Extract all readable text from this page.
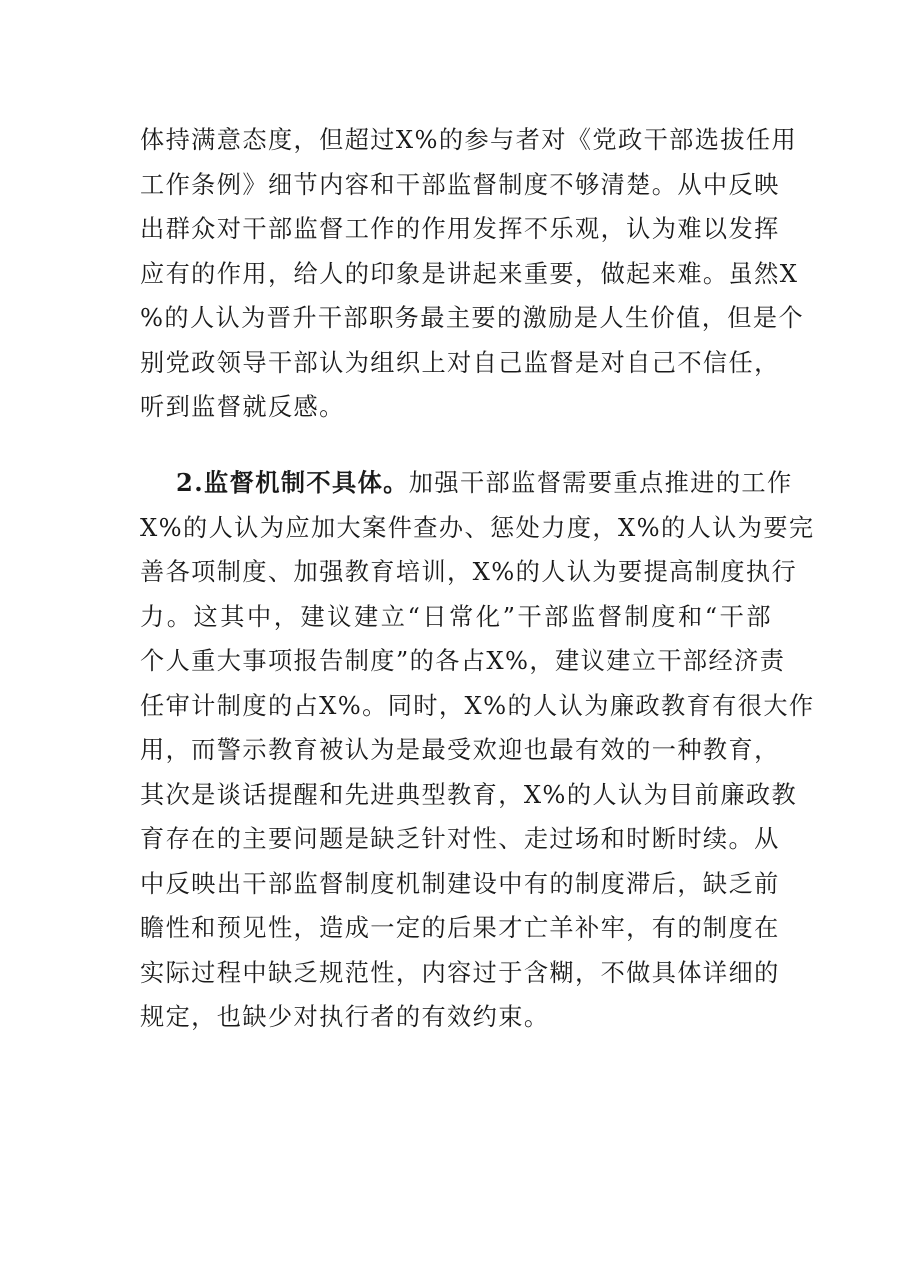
体持满意态度，但超过X%的参与者对《党政干部选拔任用
工作条例》细节内容和干部监督制度不够清楚。从中反映
出群众对干部监督工作的作用发挥不乐观，认为难以发挥
应有的作用，给人的印象是讲起来重要，做起来难。虽然X
%的人认为晋升干部职务最主要的激励是人生价值，但是个
别党政领导干部认为组织上对自己监督是对自己不信任，
听到监督就反感。
2.监督机制不具体。加强干部监督需要重点推进的工作
X%的人认为应加大案件查办、惩处力度，X%的人认为要完
善各项制度、加强教育培训，X%的人认为要提高制度执行
力。这其中，建议建立“日常化”干部监督制度和“干部
个人重大事项报告制度”的各占X%，建议建立干部经济责
任审计制度的占X%。同时，X%的人认为廉政教育有很大作
用，而警示教育被认为是最受欢迎也最有效的一种教育，
其次是谈话提醒和先进典型教育，X%的人认为目前廉政教
育存在的主要问题是缺乏针对性、走过场和时断时续。从
中反映出干部监督制度机制建设中有的制度滞后，缺乏前
瞻性和预见性，造成一定的后果才亡羊补牢，有的制度在
实际过程中缺乏规范性，内容过于含糊，不做具体详细的
规定，也缺少对执行者的有效约束。
